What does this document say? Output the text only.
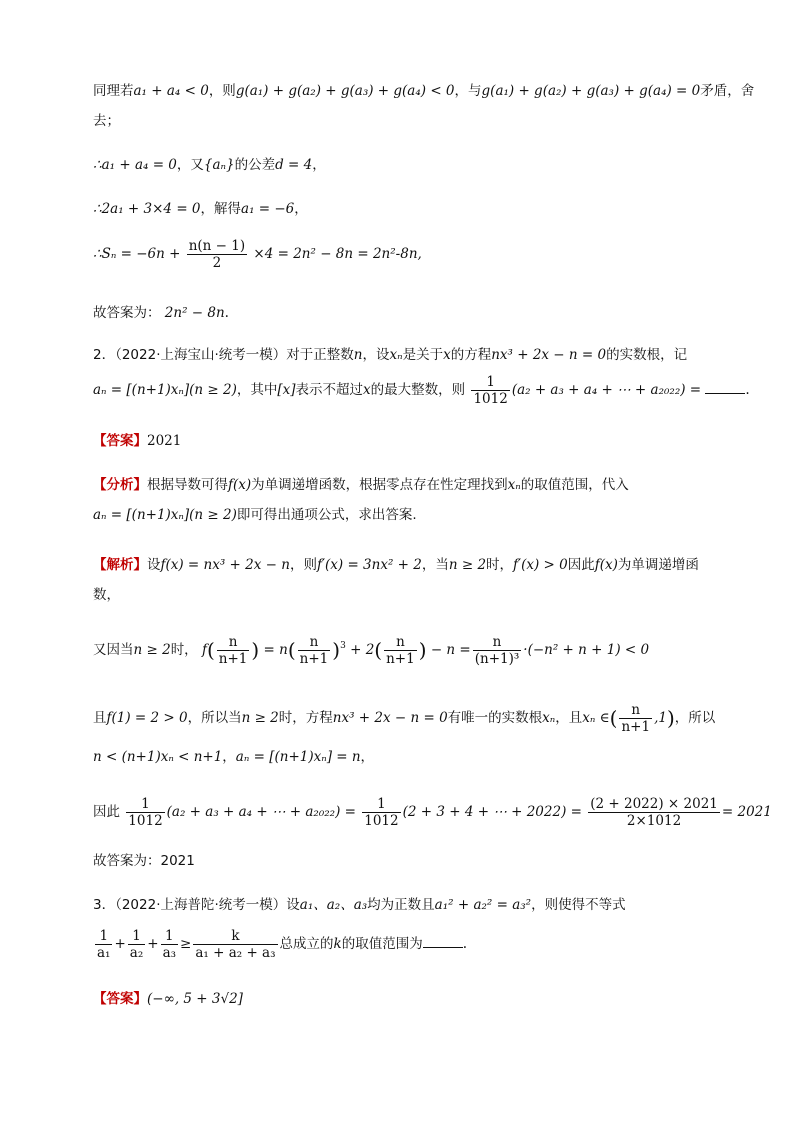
同理若a₁ + a₄ < 0，则g(a₁) + g(a₂) + g(a₃) + g(a₄) < 0，与g(a₁) + g(a₂) + g(a₃) + g(a₄) = 0矛盾，舍
去；
∴a₁ + a₄ = 0，又{aₙ}的公差d = 4，
∴2a₁ + 3×4 = 0，解得a₁ = −6，
∴Sₙ = $-6n + \frac{n(n - 1)}{2} \times 4 = 2n^2 - 8n = 2n^2-8n$,
故答案为： 2n² − 8n.
2．（2022·上海宝山·统考一模）对于正整数n，设xₙ是关于x的方程nx³ + 2x − n = 0的实数根，记
aₙ = [(n+1)xₙ](n ≥ 2)，其中[x]表示不超过x的最大整数，则 $\frac{1}{1012} (a_2 + a_3 + a_4$ + ⋯ + a₂₀₂₂) =	.
【答案】2021
【分析】根据导数可得f(x)为单调递增函数，根据零点存在性定理找到xₙ的取值范围，代入
aₙ = [(n+1)xₙ](n ≥ 2)即可得出通项公式，求出答案.
【解析】设f(x) = nx³ + 2x − n，则f′(x) = 3nx² + 2，当n ≥ 2时，f′(x) > 0因此f(x)为单调递增函
数，
又因当n ≥ 2时， $f( \frac{n}{n+1}$ ) = $n( \frac{n}{n+1} )^3 + 2( \frac{n}{n+1}$ ) − $n = \frac{n}{\text{(n+1)³}} \cdot(-n^2 + n + 1) < 0$
且f(1) = 2 > 0，所以当n ≥ 2时，方程nx³ + 2x − n = 0有唯一的实数根xₙ，且xₙ ∈( $\frac{n}{n+1} ,1$)，所以
n < (n+1)xₙ < n+1，aₙ = [(n+1)xₙ] = n，
因此 $\frac{1}{1012} (a_2 + a_3 + a_4$ + ⋯ + $a_{2022}) = \frac{1}{1012} (2 + 3 + 4$ + ⋯ + $2022) = \frac{(2 + 2022) \times 2021}{2\times 1012} = 2021$
故答案为：2021
3．（2022·上海普陀·统考一模）设a₁、a₂、a₃均为正数且a₁² + a₂² = a₃²，则使得不等式
$\frac{1}{\text{a₁}} + \frac{1}{\text{a₂}} + \frac{1}{\text{a₃}} \ge \frac{k}{\text{a₁ + a₂ + a₃}}$ 总成立的k的取值范围为	.
【答案】(−∞, 5 + 3√2]
